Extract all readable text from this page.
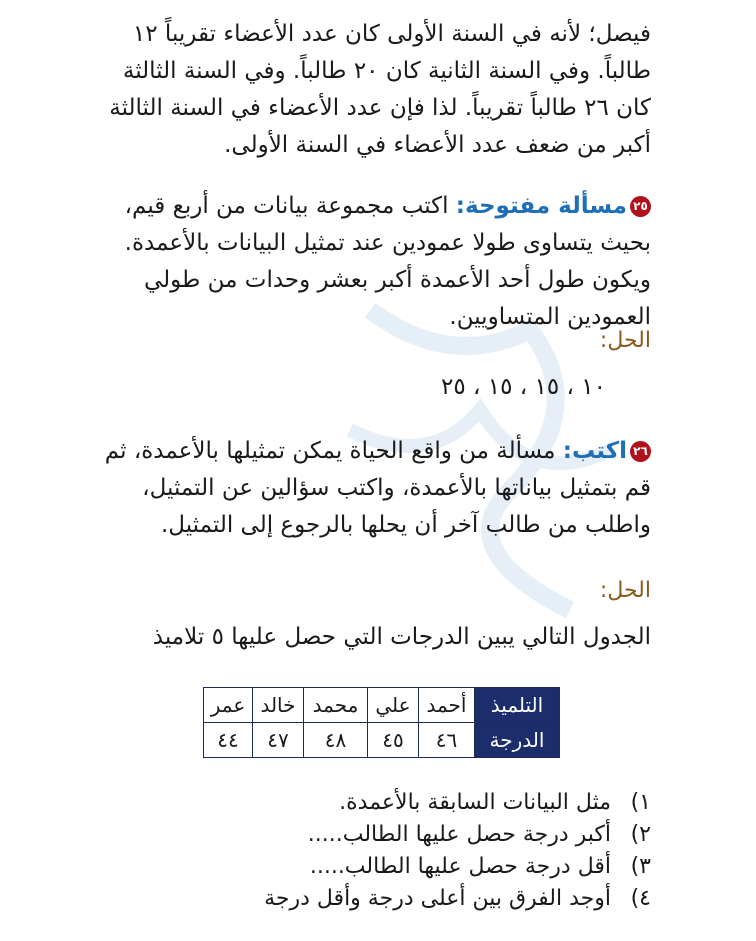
فيصل؛ لأنه في السنة الأولى كان عدد الأعضاء تقريباً ١٢ طالباً. وفي السنة الثانية كان ٢٠ طالباً. وفي السنة الثالثة كان ٢٦ طالباً تقريباً. لذا فإن عدد الأعضاء في السنة الثالثة أكبر من ضعف عدد الأعضاء في السنة الأولى.

٢٥مسألة مفتوحة: اكتب مجموعة بيانات من أربع قيم، بحيث يتساوى طولا عمودين عند تمثيل البيانات بالأعمدة. ويكون طول أحد الأعمدة أكبر بعشر وحدات من طولي العمودين المتساويين.

الحل:
١٠ ، ١٥ ، ١٥ ، ٢٥

٢٦اكتب: مسألة من واقع الحياة يمكن تمثيلها بالأعمدة، ثم قم بتمثيل بياناتها بالأعمدة، واكتب سؤالين عن التمثيل، واطلب من طالب آخر أن يحلها بالرجوع إلى التمثيل.

الحل:
الجدول التالي يبين الدرجات التي حصل عليها ٥ تلاميذ
التلميذ	أحمد	علي	محمد	خالد	عمر
الدرجة	٤٦	٤٥	٤٨	٤٧	٤٤
١)
مثل البيانات السابقة بالأعمدة.
٢)
أكبر درجة حصل عليها الطالب.....
٣)
أقل درجة حصل عليها الطالب.....
٤)
أوجد الفرق بين أعلى درجة وأقل درجة
